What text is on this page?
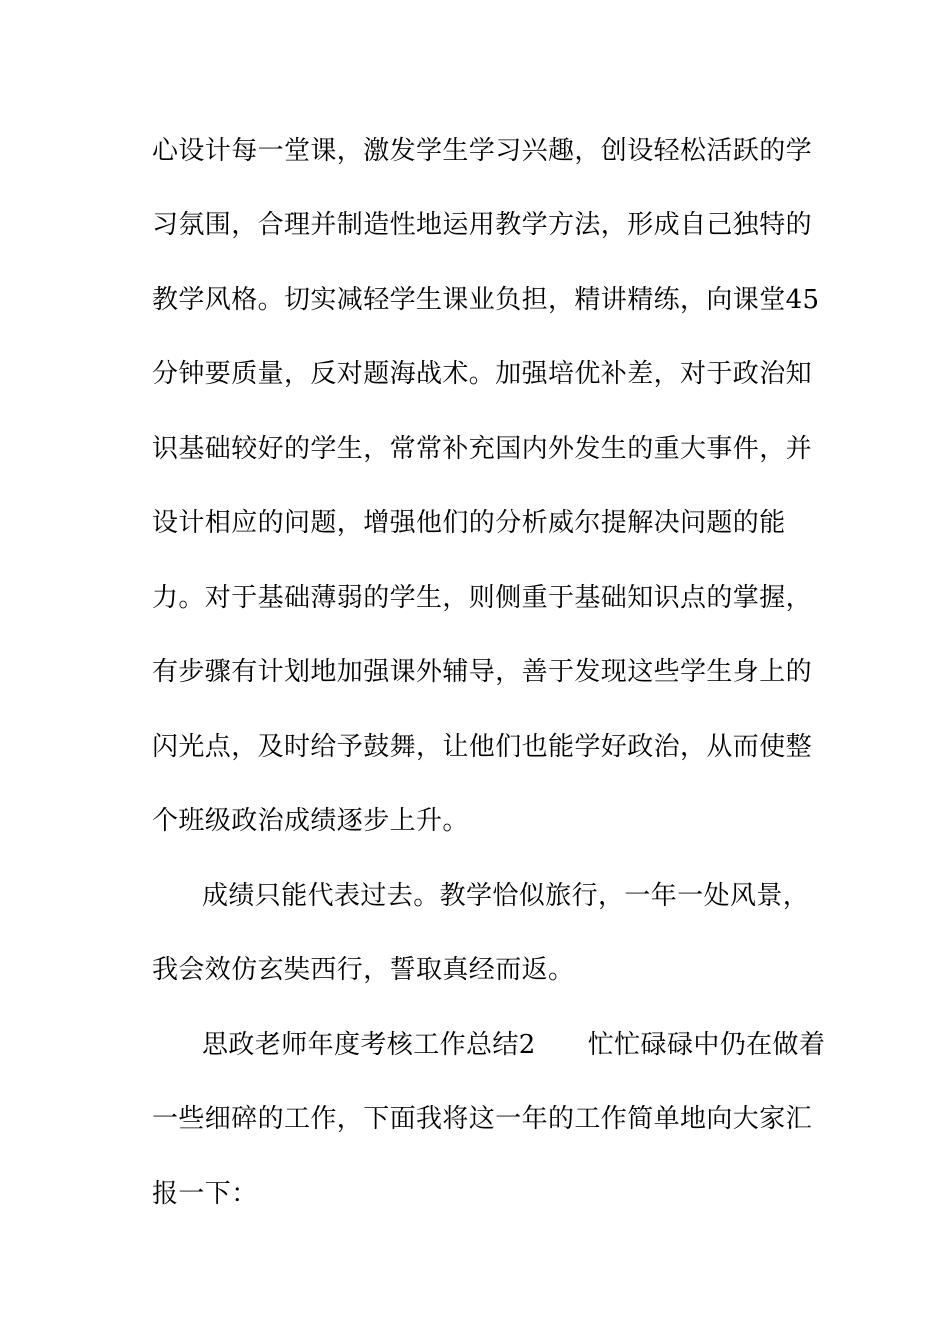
心设计每一堂课，激发学生学习兴趣，创设轻松活跃的学
习氛围，合理并制造性地运用教学方法，形成自己独特的
教学风格。切实减轻学生课业负担，精讲精练，向课堂45
分钟要质量，反对题海战术。加强培优补差，对于政治知
识基础较好的学生，常常补充国内外发生的重大事件，并
设计相应的问题，增强他们的分析威尔提解决问题的能
力。对于基础薄弱的学生，则侧重于基础知识点的掌握，
有步骤有计划地加强课外辅导，善于发现这些学生身上的
闪光点，及时给予鼓舞，让他们也能学好政治，从而使整
个班级政治成绩逐步上升。
成绩只能代表过去。教学恰似旅行，一年一处风景，
我会效仿玄奘西行，誓取真经而返。
思政老师年度考核工作总结2 忙忙碌碌中仍在做着
一些细碎的工作，下面我将这一年的工作简单地向大家汇
报一下：
